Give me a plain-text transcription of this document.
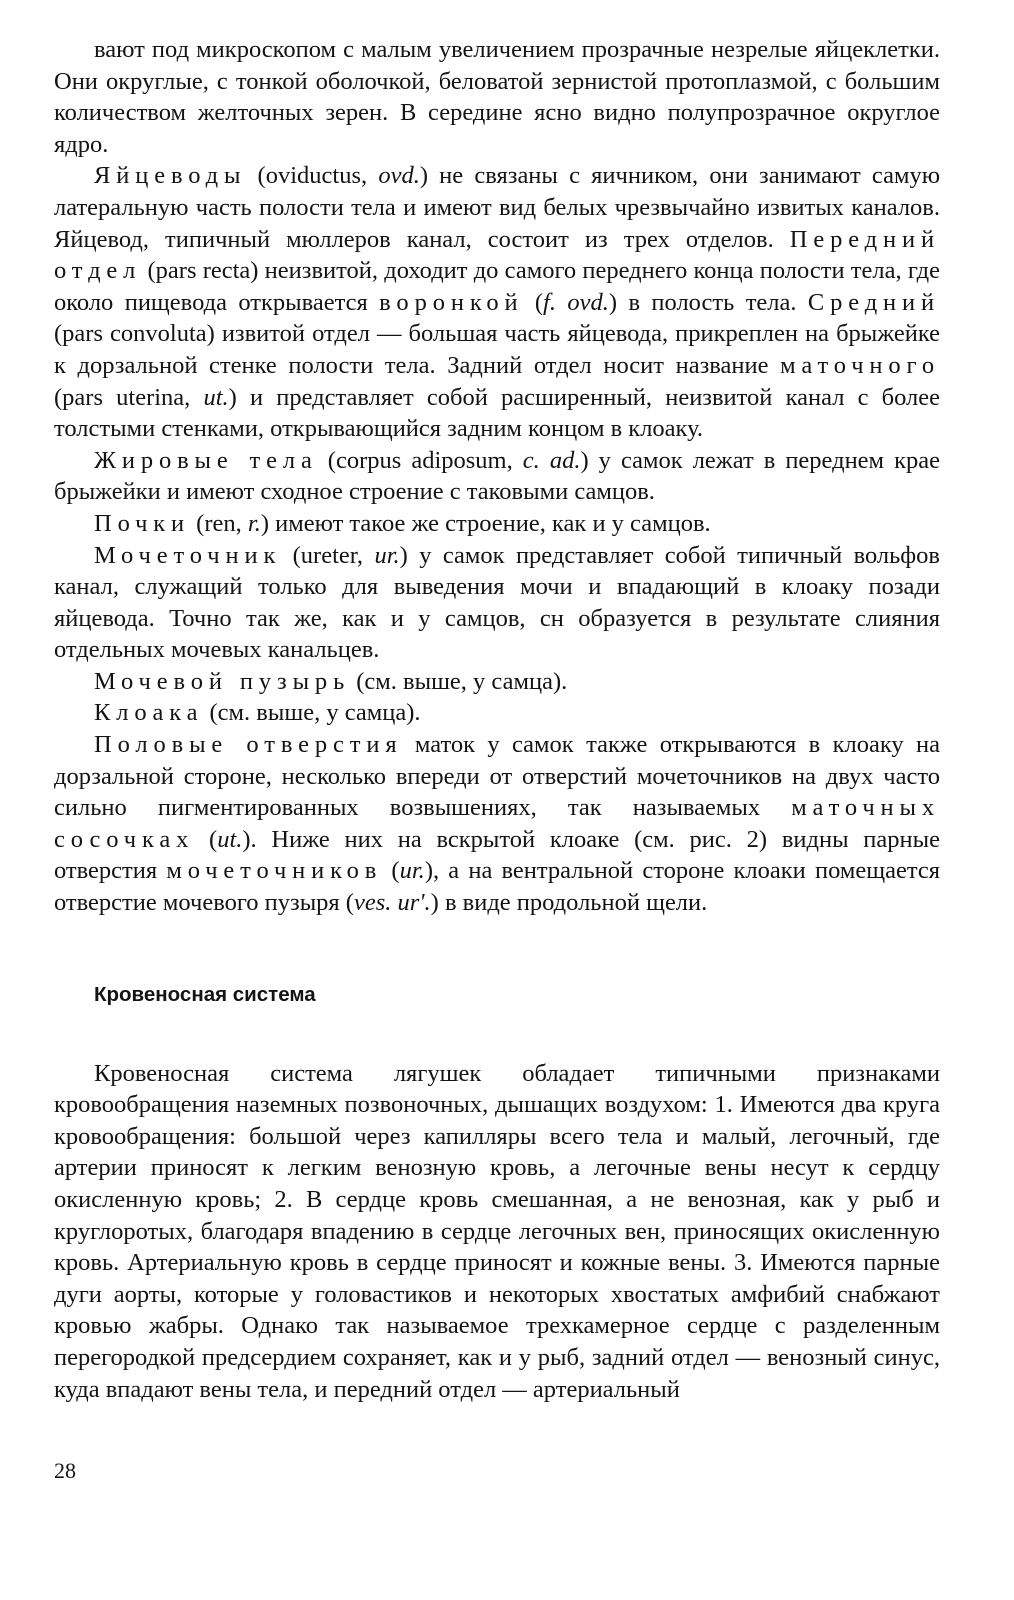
вают под микроскопом с малым увеличением прозрачные незрелые яйцеклетки. Они округлые, с тонкой оболочкой, беловатой зернистой протоплазмой, с большим количеством желточных зерен. В середине ясно видно полупрозрачное округлое ядро.

Яйцеводы (oviductus, ovd.) не связаны с яичником, они занимают самую латеральную часть полости тела и имеют вид белых чрезвычайно извитых каналов. Яйцевод, типичный мюллеров канал, состоит из трех отделов. Передний отдел (pars recta) неизвитой, доходит до самого переднего конца полости тела, где около пищевода открывается воронкой (f. ovd.) в полость тела. Средний (pars convoluta) извитой отдел — большая часть яйцевода, прикреплен на брыжейке к дорзальной стенке полости тела. Задний отдел носит название маточного (pars uterina, ut.) и представляет собой расширенный, неизвитой канал с более толстыми стенками, открывающийся задним концом в клоаку.

Жировые тела (corpus adiposum, c. ad.) у самок лежат в переднем крае брыжейки и имеют сходное строение с таковыми самцов.

Почки (ren, r.) имеют такое же строение, как и у самцов.

Мочеточник (ureter, ur.) у самок представляет собой типичный вольфов канал, служащий только для выведения мочи и впадающий в клоаку позади яйцевода. Точно так же, как и у самцов, сн образуется в результате слияния отдельных мочевых канальцев.

Мочевой пузырь (см. выше, у самца).

Клоака (см. выше, у самца).

Половые отверстия маток у самок также открываются в клоаку на дорзальной стороне, несколько впереди от отверстий мочеточников на двух часто сильно пигментированных возвышениях, так называемых маточных сосочках (ut.). Ниже них на вскрытой клоаке (см. рис. 2) видны парные отверстия мочеточников (ur.), а на вентральной стороне клоаки помещается отверстие мочевого пузыря (ves. ur'.) в виде продольной щели.

Кровеносная система

Кровеносная система лягушек обладает типичными признаками кровообращения наземных позвоночных, дышащих воздухом: 1. Имеются два круга кровообращения: большой через капилляры всего тела и малый, легочный, где артерии приносят к легким венозную кровь, а легочные вены несут к сердцу окисленную кровь; 2. В сердце кровь смешанная, а не венозная, как у рыб и круглоротых, благодаря впадению в сердце легочных вен, приносящих окисленную кровь. Артериальную кровь в сердце приносят и кожные вены. 3. Имеются парные дуги аорты, которые у головастиков и некоторых хвостатых амфибий снабжают кровью жабры. Однако так называемое трехкамерное сердце с разделенным перегородкой предсердием сохраняет, как и у рыб, задний отдел — венозный синус, куда впадают вены тела, и передний отдел — артериальный

28
